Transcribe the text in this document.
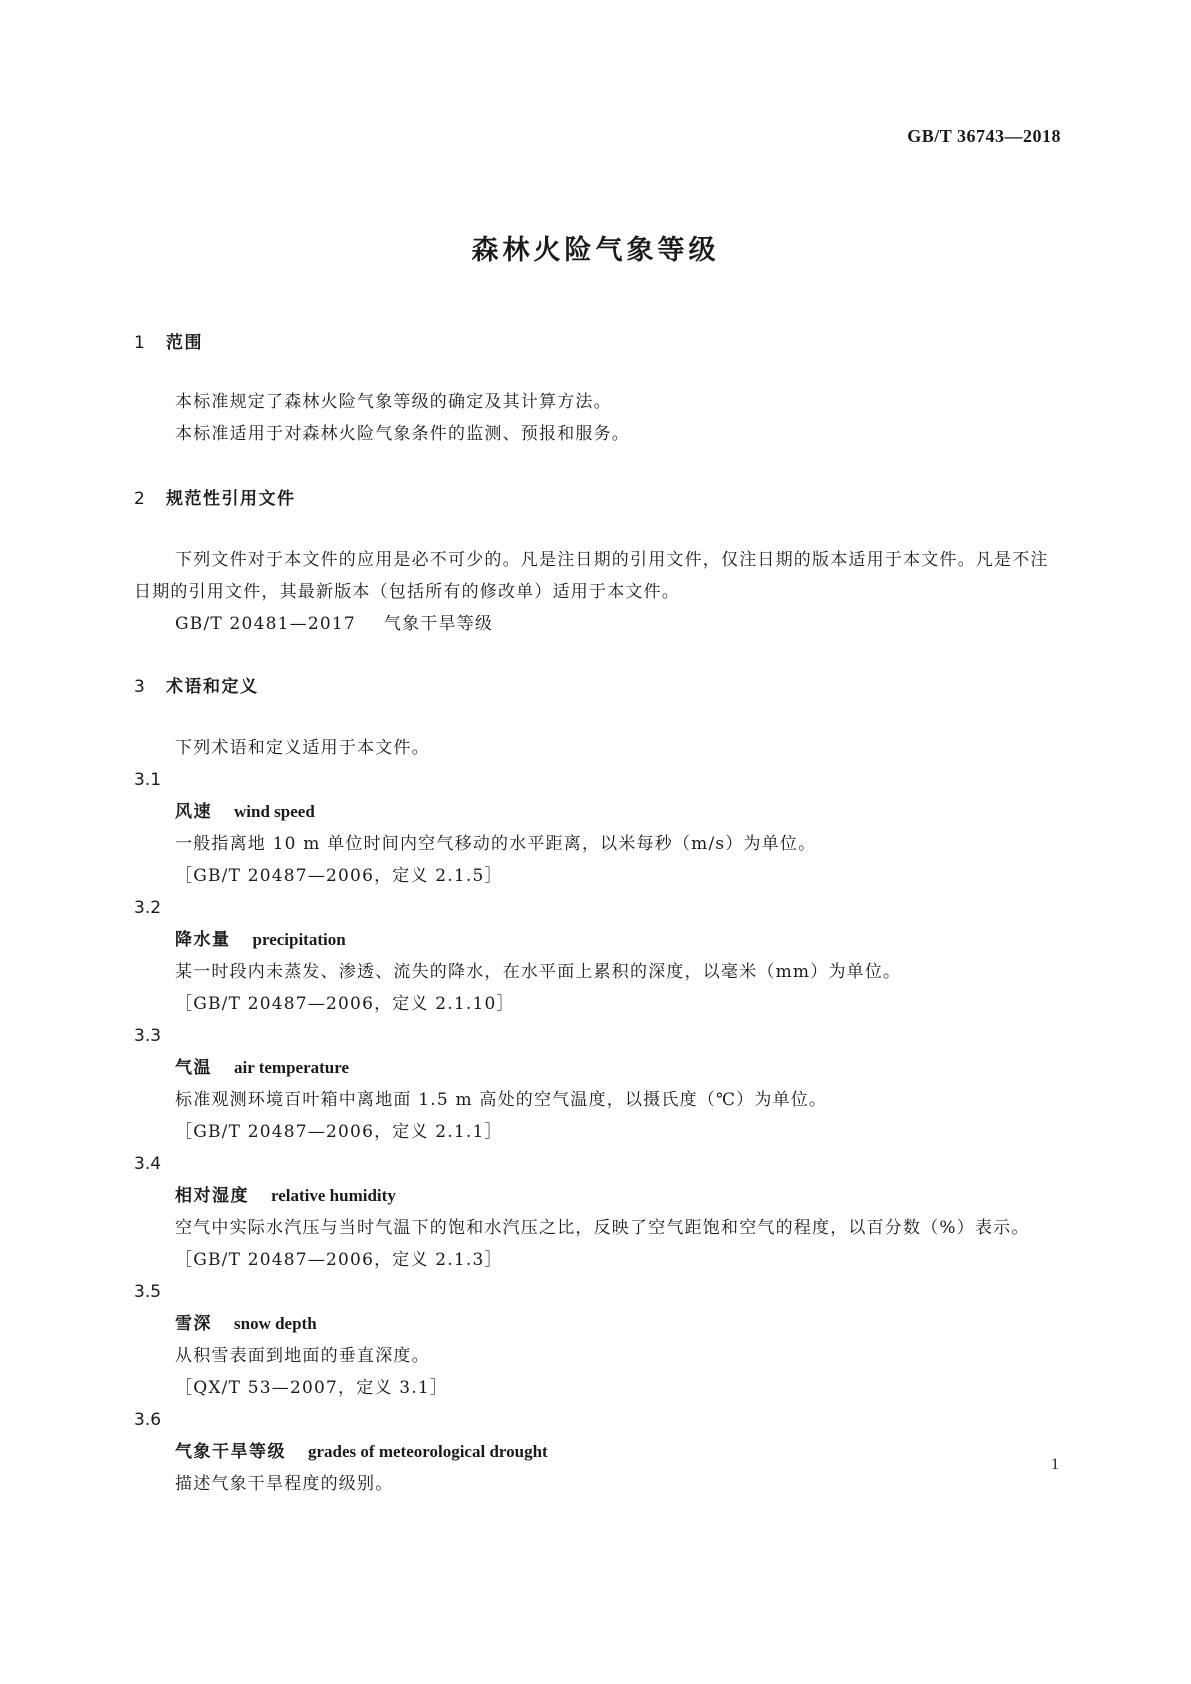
GB/T 36743—2018
森林火险气象等级
1 范围
本标准规定了森林火险气象等级的确定及其计算方法。
本标准适用于对森林火险气象条件的监测、预报和服务。
2 规范性引用文件

下列文件对于本文件的应用是必不可少的。凡是注日期的引用文件，仅注日期的版本适用于本文件。凡是不注日期的引用文件，其最新版本（包括所有的修改单）适用于本文件。

GB/T 20481—2017 气象干旱等级
3 术语和定义
下列术语和定义适用于本文件。
3.1
风速 wind speed
一般指离地 10 m 单位时间内空气移动的水平距离，以米每秒（m/s）为单位。
［GB/T 20487—2006，定义 2.1.5］
3.2
降水量 precipitation
某一时段内未蒸发、渗透、流失的降水，在水平面上累积的深度，以毫米（mm）为单位。
［GB/T 20487—2006，定义 2.1.10］
3.3
气温 air temperature
标准观测环境百叶箱中离地面 1.5 m 高处的空气温度，以摄氏度（℃）为单位。
［GB/T 20487—2006，定义 2.1.1］
3.4
相对湿度 relative humidity

空气中实际水汽压与当时气温下的饱和水汽压之比，反映了空气距饱和空气的程度，以百分数（%）表示。

［GB/T 20487—2006，定义 2.1.3］
3.5
雪深 snow depth
从积雪表面到地面的垂直深度。
［QX/T 53—2007，定义 3.1］
3.6
气象干旱等级 grades of meteorological drought
描述气象干旱程度的级别。
1
